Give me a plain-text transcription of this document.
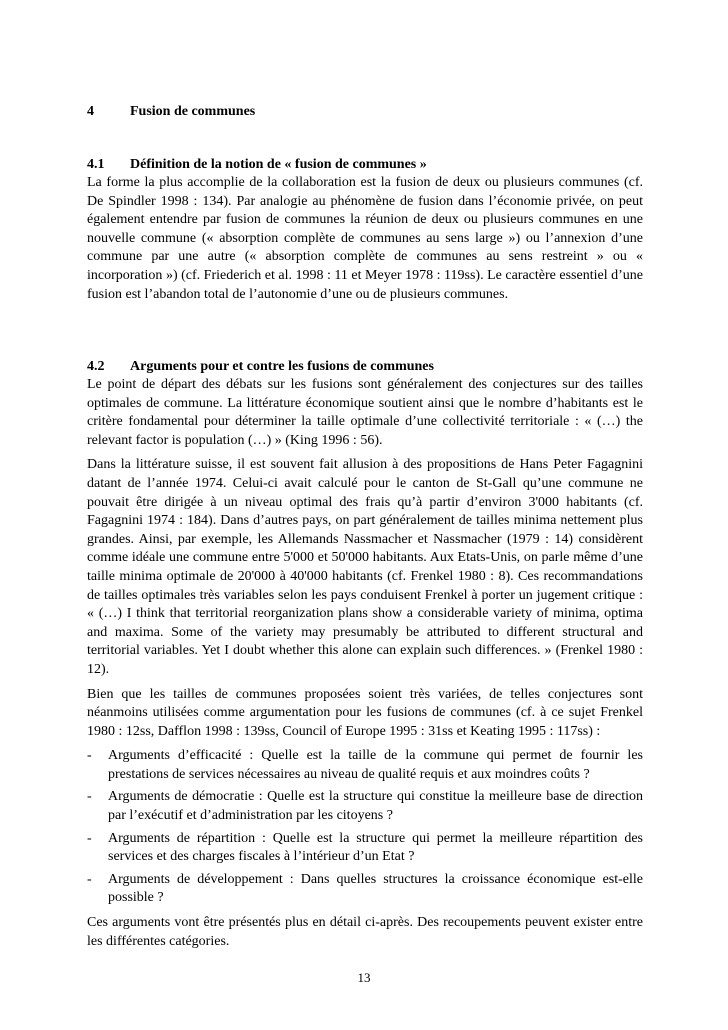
4	Fusion de communes
4.1 Définition de la notion de « fusion de communes »

La forme la plus accomplie de la collaboration est la fusion de deux ou plusieurs communes (cf. De Spindler 1998 : 134). Par analogie au phénomène de fusion dans l’économie privée, on peut également entendre par fusion de communes la réunion de deux ou plusieurs communes en une nouvelle commune (« absorption complète de communes au sens large ») ou l’annexion d’une commune par une autre (« absorption complète de communes au sens restreint » ou « incorporation ») (cf. Friederich et al. 1998 : 11 et Meyer 1978 : 119ss). Le caractère essentiel d’une fusion est l’abandon total de l’autonomie d’une ou de plusieurs communes.

4.2 Arguments pour et contre les fusions de communes

Le point de départ des débats sur les fusions sont généralement des conjectures sur des tailles optimales de commune. La littérature économique soutient ainsi que le nombre d’habitants est le critère fondamental pour déterminer la taille optimale d’une collectivité territoriale : « (…) the relevant factor is population (…) » (King 1996 : 56).

Dans la littérature suisse, il est souvent fait allusion à des propositions de Hans Peter Fagagnini datant de l’année 1974. Celui-ci avait calculé pour le canton de St-Gall qu’une commune ne pouvait être dirigée à un niveau optimal des frais qu’à partir d’environ 3'000 habitants (cf. Fagagnini 1974 : 184). Dans d’autres pays, on part généralement de tailles minima nettement plus grandes. Ainsi, par exemple, les Allemands Nassmacher et Nassmacher (1979 : 14) considèrent comme idéale une commune entre 5'000 et 50'000 habitants. Aux Etats-Unis, on parle même d’une taille minima optimale de 20'000 à 40'000 habitants (cf. Frenkel 1980 : 8). Ces recommandations de tailles optimales très variables selon les pays conduisent Frenkel à porter un jugement critique : « (…) I think that territorial reorganization plans show a considerable variety of minima, optima and maxima. Some of the variety may presumably be attributed to different structural and territorial variables. Yet I doubt whether this alone can explain such differences. » (Frenkel 1980 : 12).

Bien que les tailles de communes proposées soient très variées, de telles conjectures sont néanmoins utilisées comme argumentation pour les fusions de communes (cf. à ce sujet Frenkel 1980 : 12ss, Dafflon 1998 : 139ss, Council of Europe 1995 : 31ss et Keating 1995 : 117ss) :

- Arguments d’efficacité : Quelle est la taille de la commune qui permet de fournir les prestations de services nécessaires au niveau de qualité requis et aux moindres coûts ?
- Arguments de démocratie : Quelle est la structure qui constitue la meilleure base de direction par l’exécutif et d’administration par les citoyens ?
- Arguments de répartition : Quelle est la structure qui permet la meilleure répartition des services et des charges fiscales à l’intérieur d’un Etat ?
- Arguments de développement : Dans quelles structures la croissance économique est-elle possible ?

Ces arguments vont être présentés plus en détail ci-après. Des recoupements peuvent exister entre les différentes catégories.

13
